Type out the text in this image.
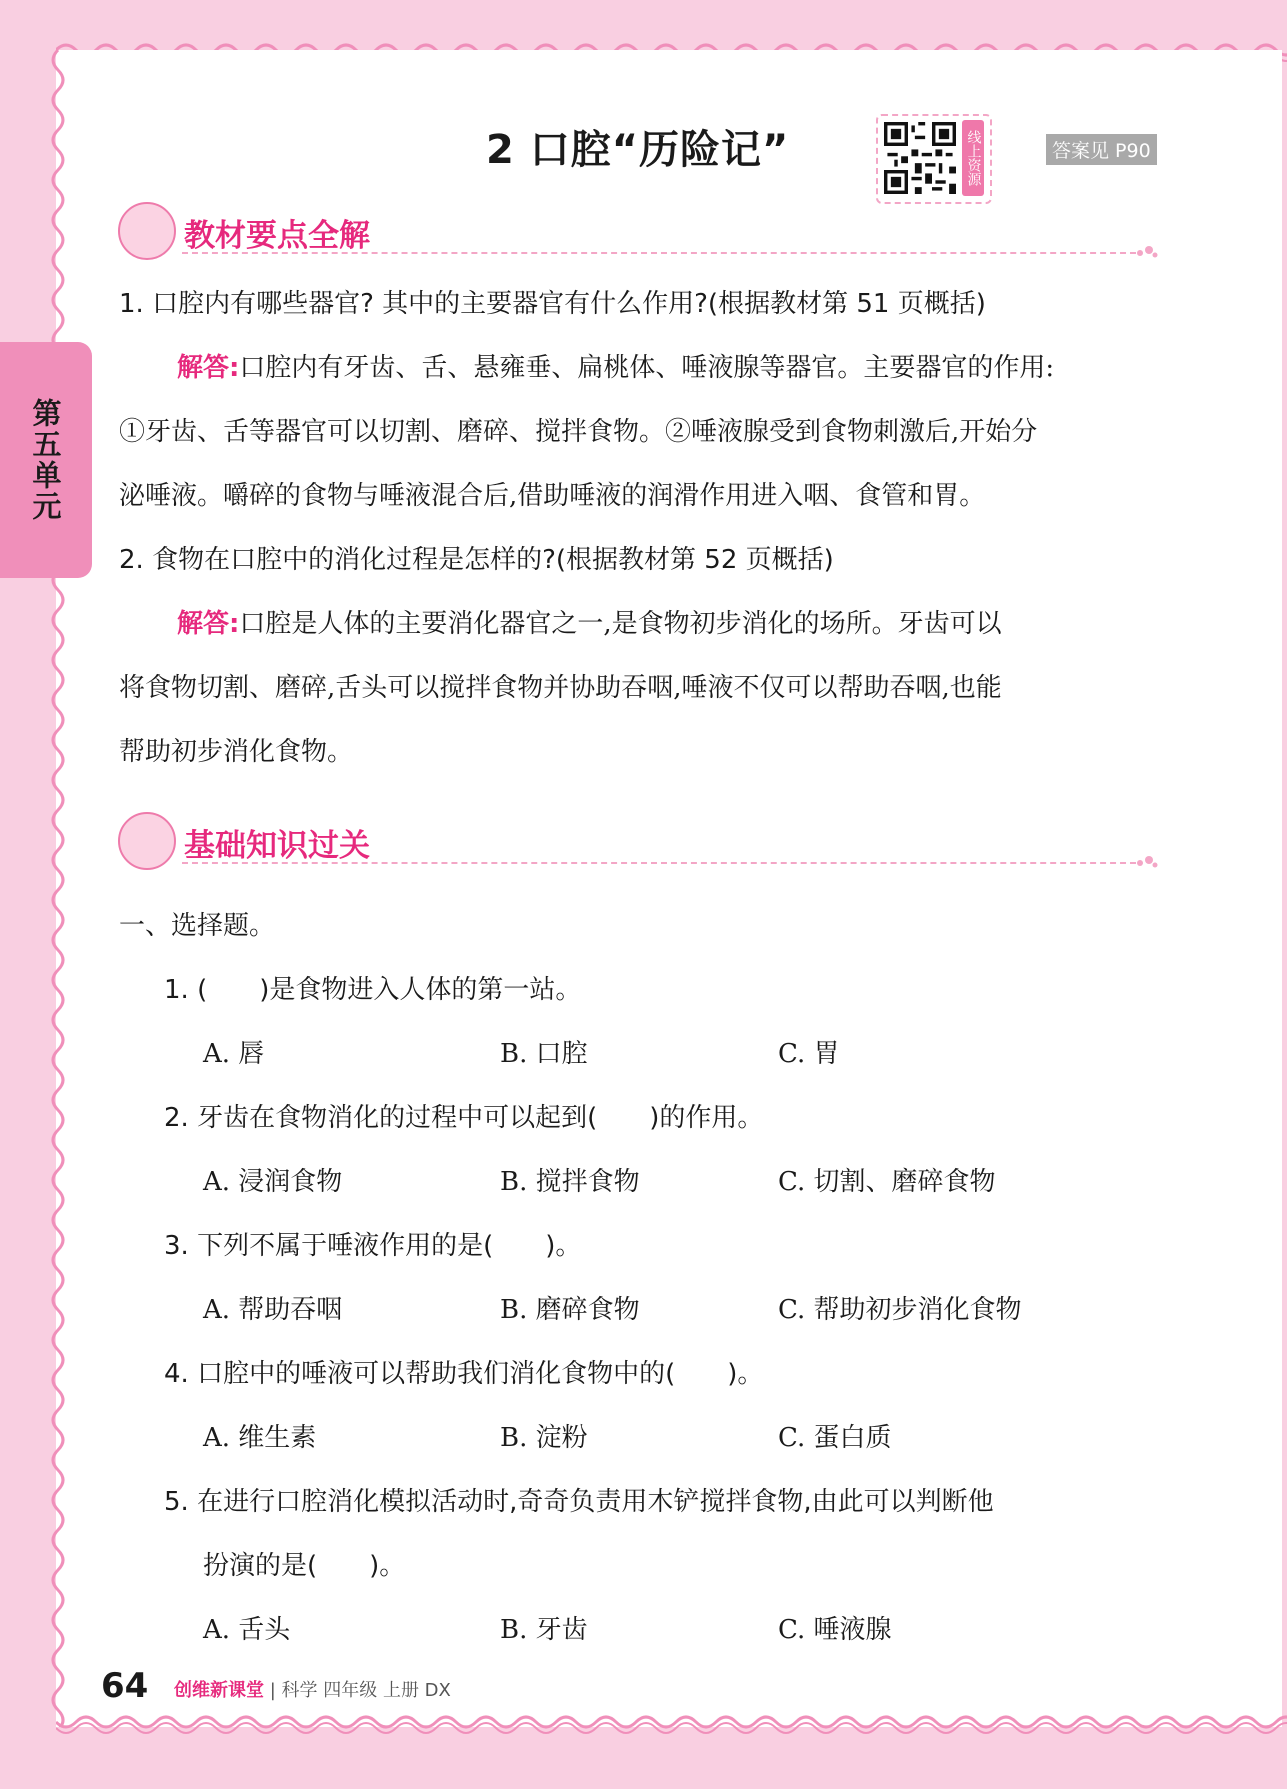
第五单元
2 口腔“历险记”	线上资源	答案见 P90
教材要点全解
1. 口腔内有哪些器官? 其中的主要器官有什么作用?(根据教材第 51 页概括)
解答:口腔内有牙齿、舌、悬雍垂、扁桃体、唾液腺等器官。主要器官的作用:
①牙齿、舌等器官可以切割、磨碎、搅拌食物。②唾液腺受到食物刺激后,开始分
泌唾液。嚼碎的食物与唾液混合后,借助唾液的润滑作用进入咽、食管和胃。
2. 食物在口腔中的消化过程是怎样的?(根据教材第 52 页概括)
解答:口腔是人体的主要消化器官之一,是食物初步消化的场所。牙齿可以
将食物切割、磨碎,舌头可以搅拌食物并协助吞咽,唾液不仅可以帮助吞咽,也能
帮助初步消化食物。
基础知识过关
一、选择题。
1. (　　)是食物进入人体的第一站。
A. 唇	B. 口腔	C. 胃
2. 牙齿在食物消化的过程中可以起到(　　)的作用。
A. 浸润食物	B. 搅拌食物	C. 切割、磨碎食物
3. 下列不属于唾液作用的是(　　)。
A. 帮助吞咽	B. 磨碎食物	C. 帮助初步消化食物
4. 口腔中的唾液可以帮助我们消化食物中的(　　)。
A. 维生素	B. 淀粉	C. 蛋白质
5. 在进行口腔消化模拟活动时,奇奇负责用木铲搅拌食物,由此可以判断他
扮演的是(　　)。
A. 舌头	B. 牙齿	C. 唾液腺
64 创维新课堂 | 科学 四年级 上册 DX
